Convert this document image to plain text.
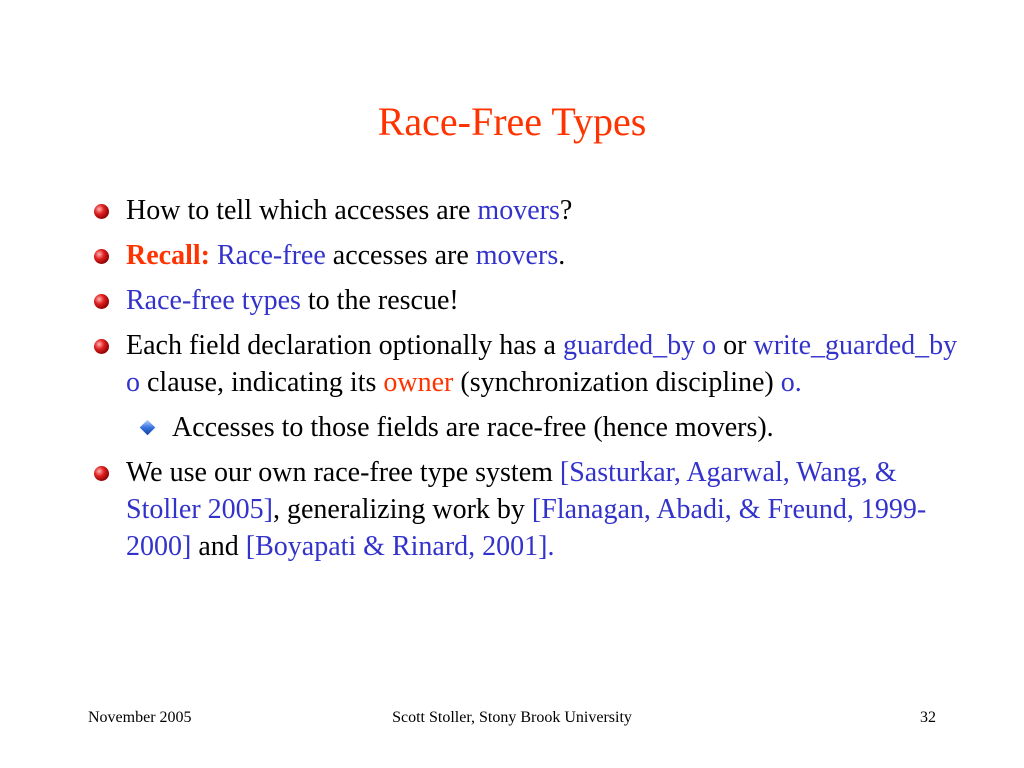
Race-Free Types
How to tell which accesses are movers?
Recall: Race-free accesses are movers.
Race-free types to the rescue!
Each field declaration optionally has a guarded_by o or write_guarded_by o clause, indicating its owner (synchronization discipline) o.
Accesses to those fields are race-free (hence movers).
We use our own race-free type system [Sasturkar, Agarwal, Wang, & Stoller 2005], generalizing work by [Flanagan, Abadi, & Freund, 1999-2000] and [Boyapati & Rinard, 2001].
November 2005	Scott Stoller, Stony Brook University	32
